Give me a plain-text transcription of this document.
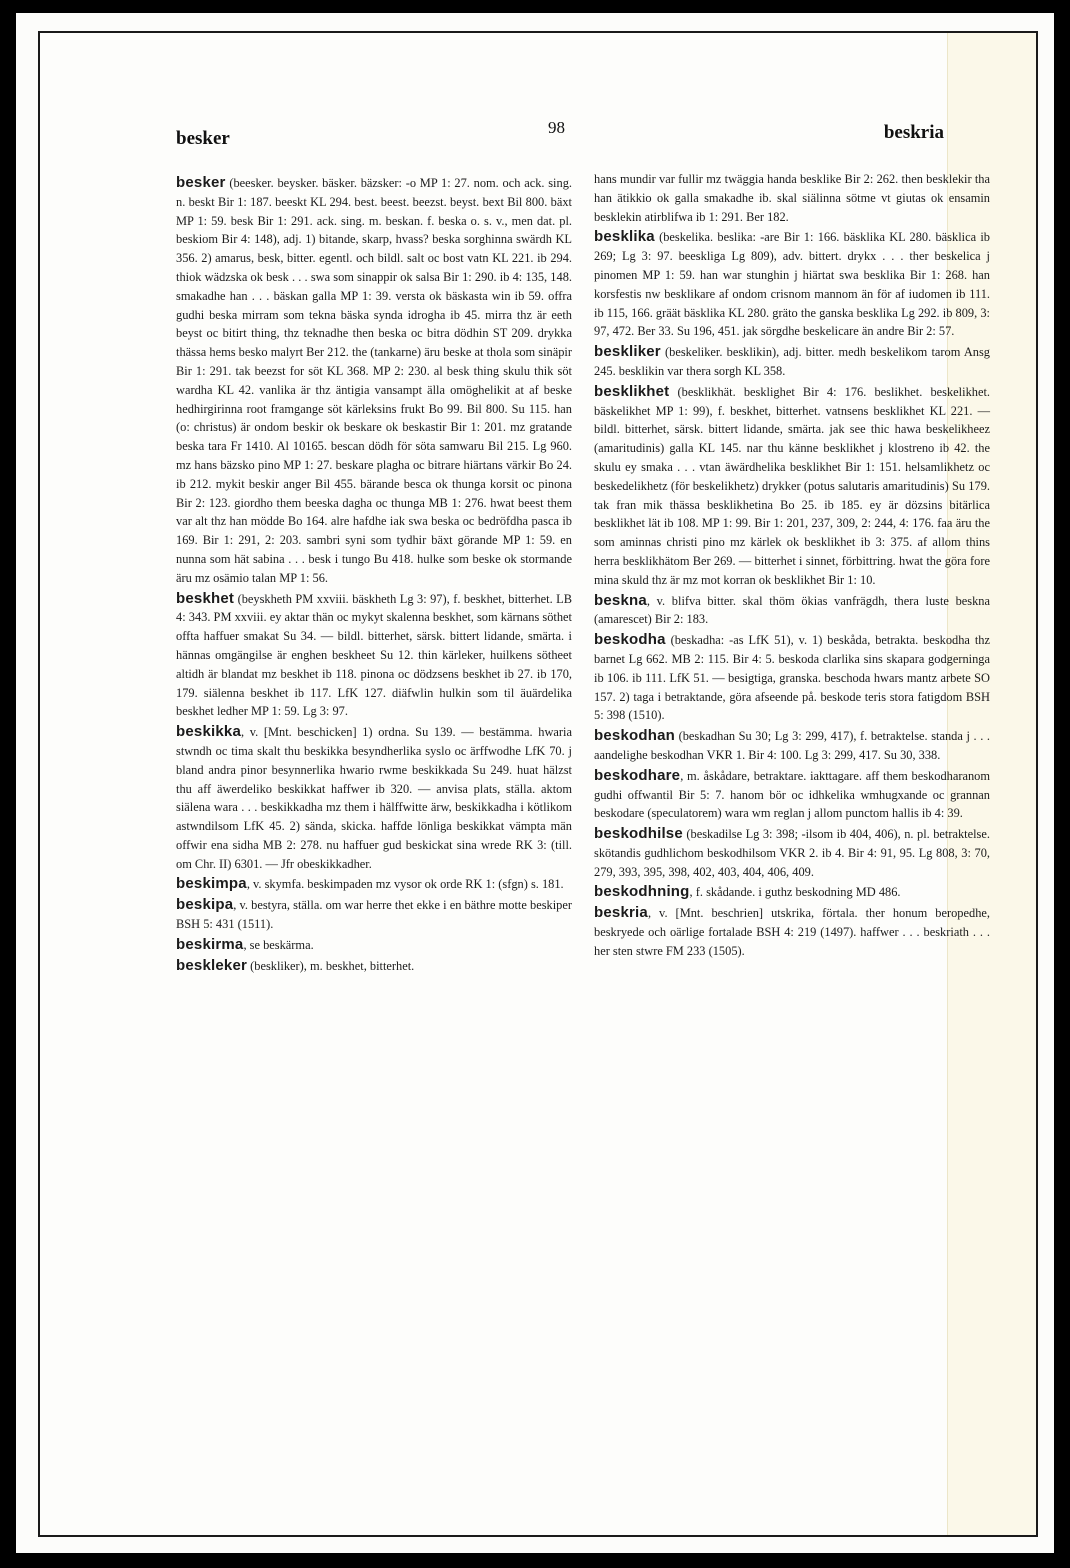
besker
98	beskria

besker (beesker. beysker. bäsker. bäzsker: -o MP 1: 27. nom. och ack. sing. n. beskt Bir 1: 187. beeskt KL 294. best. beest. beezst. beyst. bext Bil 800. bäxt MP 1: 59. besk Bir 1: 291. ack. sing. m. beskan. f. beska o. s. v., men dat. pl. beskiom Bir 4: 148), adj. 1) bitande, skarp, hvass? beska sorghinna swärdh KL 356. 2) amarus, besk, bitter. egentl. och bildl. salt oc bost vatn KL 221. ib 294. thiok wädzska ok besk . . . swa som sinappir ok salsa Bir 1: 290. ib 4: 135, 148. smakadhe han . . . bäskan galla MP 1: 39. versta ok bäskasta win ib 59. offra gudhi beska mirram som tekna bäska synda idrogha ib 45. mirra thz är eeth beyst oc bitirt thing, thz teknadhe then beska oc bitra dödhin ST 209. drykka thässa hems besko malyrt Ber 212. the (tankarne) äru beske at thola som sinäpir Bir 1: 291. tak beezst for söt KL 368. MP 2: 230. al besk thing skulu thik söt wardha KL 42. vanlika är thz äntigia vansampt älla omöghelikit at af beske hedhirgirinna root framgange söt kärleksins frukt Bo 99. Bil 800. Su 115. han (o: christus) är ondom beskir ok beskare ok beskastir Bir 1: 201. mz gratande beska tara Fr 1410. Al 10165. bescan dödh för söta samwaru Bil 215. Lg 960. mz hans bäzsko pino MP 1: 27. beskare plagha oc bitrare hiärtans värkir Bo 24. ib 212. mykit beskir anger Bil 455. bärande besca ok thunga korsit oc pinona Bir 2: 123. giordho them beeska dagha oc thunga MB 1: 276. hwat beest them var alt thz han mödde Bo 164. alre hafdhe iak swa beska oc bedröfdha pasca ib 169. Bir 1: 291, 2: 203. sambri syni som tydhir bäxt görande MP 1: 59. en nunna som hät sabina . . . besk i tungo Bu 418. hulke som beske ok stormande äru mz osämio talan MP 1: 56.

beskhet (beyskheth PM xxviii. bäskheth Lg 3: 97), f. beskhet, bitterhet. LB 4: 343. PM xxviii. ey aktar thän oc mykyt skalenna beskhet, som kärnans söthet offta haffuer smakat Su 34. — bildl. bitterhet, särsk. bittert lidande, smärta. i hännas omgängilse är enghen beskheet Su 12. thin kärleker, huilkens sötheet altidh är blandat mz beskhet ib 118. pinona oc dödzsens beskhet ib 27. ib 170, 179. siälenna beskhet ib 117. LfK 127. diäfwlin hulkin som til äuärdelika beskhet ledher MP 1: 59. Lg 3: 97.

beskikka, v. [Mnt. beschicken] 1) ordna. Su 139. — bestämma. hwaria stwndh oc tima skalt thu beskikka besyndherlika syslo oc ärffwodhe LfK 70. j bland andra pinor besynnerlika hwario rwme beskikkada Su 249. huat hälzst thu aff äwerdeliko beskikkat haffwer ib 320. — anvisa plats, ställa. aktom siälena wara . . . beskikkadha mz them i hälffwitte ärw, beskikkadha i kötlikom astwndilsom LfK 45. 2) sända, skicka. haffde lönliga beskikkat vämpta män offwir ena sidha MB 2: 278. nu haffuer gud beskickat sina wrede RK 3: (till. om Chr. II) 6301. — Jfr obeskikkadher.

beskimpa, v. skymfa. beskimpaden mz vysor ok orde RK 1: (sfgn) s. 181.

beskipa, v. bestyra, ställa. om war herre thet ekke i en bäthre motte beskiper BSH 5: 431 (1511).

beskirma, se beskärma.

beskleker (beskliker), m. beskhet, bitterhet.

hans mundir var fullir mz twäggia handa besklike Bir 2: 262. then besklekir tha han ätikkio ok galla smakadhe ib. skal siälinna sötme vt giutas ok ensamin besklekin atirblifwa ib 1: 291. Ber 182.

besklika (beskelika. beslika: -are Bir 1: 166. bäsklika KL 280. bäsklica ib 269; Lg 3: 97. beeskliga Lg 809), adv. bittert. drykx . . . ther beskelica j pinomen MP 1: 59. han war stunghin j hiärtat swa besklika Bir 1: 268. han korsfestis nw besklikare af ondom crisnom mannom än för af iudomen ib 111. ib 115, 166. gräät bäsklika KL 280. gräto the ganska besklika Lg 292. ib 809, 3: 97, 472. Ber 33. Su 196, 451. jak sörgdhe beskelicare än andre Bir 2: 57.

beskliker (beskeliker. besklikin), adj. bitter. medh beskelikom tarom Ansg 245. besklikin var thera sorgh KL 358.

besklikhet (besklikhät. besklighet Bir 4: 176. beslikhet. beskelikhet. bäskelikhet MP 1: 99), f. beskhet, bitterhet. vatnsens besklikhet KL 221. — bildl. bitterhet, särsk. bittert lidande, smärta. jak see thic hawa beskelikheez (amaritudinis) galla KL 145. nar thu känne besklikhet j klostreno ib 42. the skulu ey smaka . . . vtan äwärdhelika besklikhet Bir 1: 151. helsamlikhetz oc beskedelikhetz (för beskelikhetz) drykker (potus salutaris amaritudinis) Su 179. tak fran mik thässa besklikhetina Bo 25. ib 185. ey är dözsins bitärlica besklikhet lät ib 108. MP 1: 99. Bir 1: 201, 237, 309, 2: 244, 4: 176. faa äru the som aminnas christi pino mz kärlek ok besklikhet ib 3: 375. af allom thins herra besklikhätom Ber 269. — bitterhet i sinnet, förbittring. hwat the göra fore mina skuld thz är mz mot korran ok besklikhet Bir 1: 10.

beskna, v. blifva bitter. skal thöm ökias vanfrägdh, thera luste beskna (amarescet) Bir 2: 183.

beskodha (beskadha: -as LfK 51), v. 1) beskåda, betrakta. beskodha thz barnet Lg 662. MB 2: 115. Bir 4: 5. beskoda clarlika sins skapara godgerninga ib 106. ib 111. LfK 51. — besigtiga, granska. beschoda hwars mantz arbete SO 157. 2) taga i betraktande, göra afseende på. beskode teris stora fatigdom BSH 5: 398 (1510).

beskodhan (beskadhan Su 30; Lg 3: 299, 417), f. betraktelse. standa j . . . aandelighe beskodhan VKR 1. Bir 4: 100. Lg 3: 299, 417. Su 30, 338.

beskodhare, m. åskådare, betraktare. iakttagare. aff them beskodharanom gudhi offwantil Bir 5: 7. hanom bör oc idhkelika wmhugxande oc grannan beskodare (speculatorem) wara wm reglan j allom punctom hallis ib 4: 39.

beskodhilse (beskadilse Lg 3: 398; -ilsom ib 404, 406), n. pl. betraktelse. skötandis gudhlichom beskodhilsom VKR 2. ib 4. Bir 4: 91, 95. Lg 808, 3: 70, 279, 393, 395, 398, 402, 403, 404, 406, 409.

beskodhning, f. skådande. i guthz beskodning MD 486.

beskria, v. [Mnt. beschrien] utskrika, förtala. ther honum beropedhe, beskryede och oärlige fortalade BSH 4: 219 (1497). haffwer . . . beskriath . . . her sten stwre FM 233 (1505).
